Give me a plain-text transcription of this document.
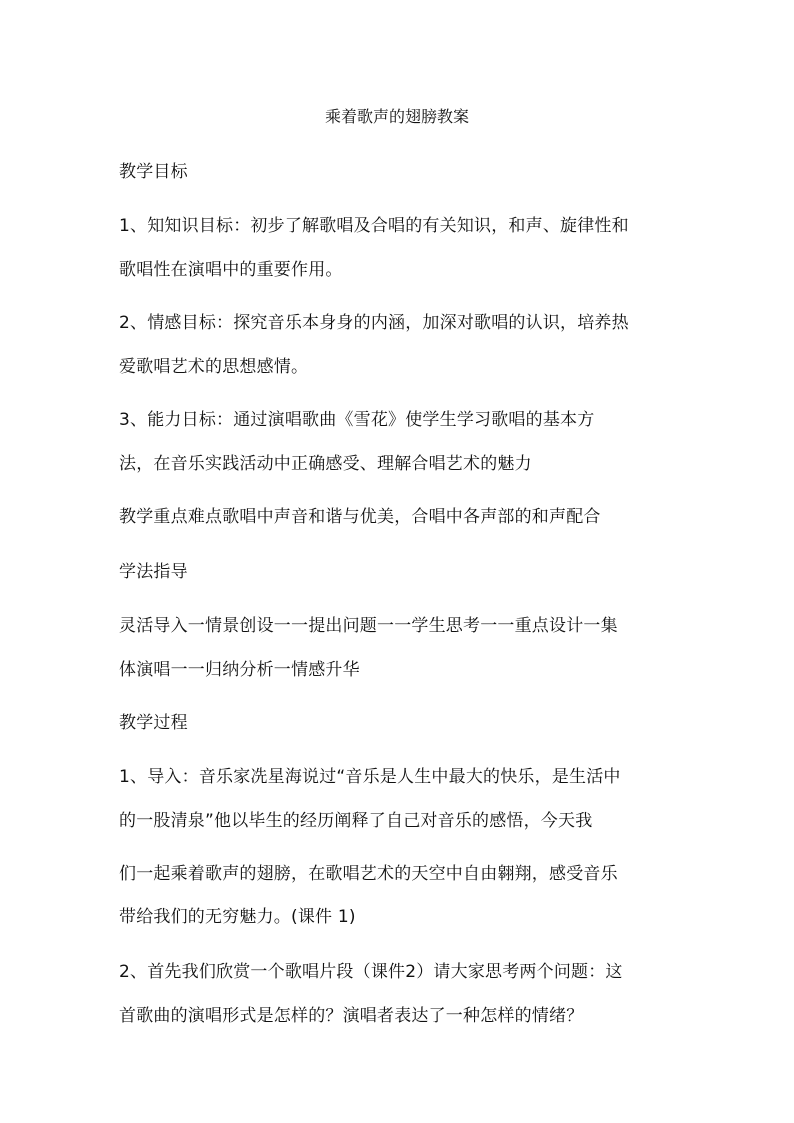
乘着歌声的翅膀教案
教学目标
1、知知识目标：初步了解歌唱及合唱的有关知识，和声、旋律性和
歌唱性在演唱中的重要作用。
2、情感目标：探究音乐本身身的内涵，加深对歌唱的认识，培养热
爱歌唱艺术的思想感情。
3、能力日标：通过演唱歌曲《雪花》使学生学习歌唱的基本方
法，在音乐实践活动中正确感受、理解合唱艺术的魅力
教学重点难点歌唱中声音和谐与优美，合唱中各声部的和声配合
学法指导
灵活导入一情景创设一一提出问题一一学生思考一一重点设计一集
体演唱一一归纳分析一情感升华
教学过程
1、导入：音乐家冼星海说过“音乐是人生中最大的快乐，是生活中
的一股清泉”他以毕生的经历阐释了自己对音乐的感悟，今天我
们一起乘着歌声的翅膀，在歌唱艺术的天空中自由翱翔，感受音乐
带给我们的无穷魅力。(课件 1)
2、首先我们欣赏一个歌唱片段（课件2）请大家思考两个问题：这
首歌曲的演唱形式是怎样的？演唱者表达了一种怎样的情绪？
